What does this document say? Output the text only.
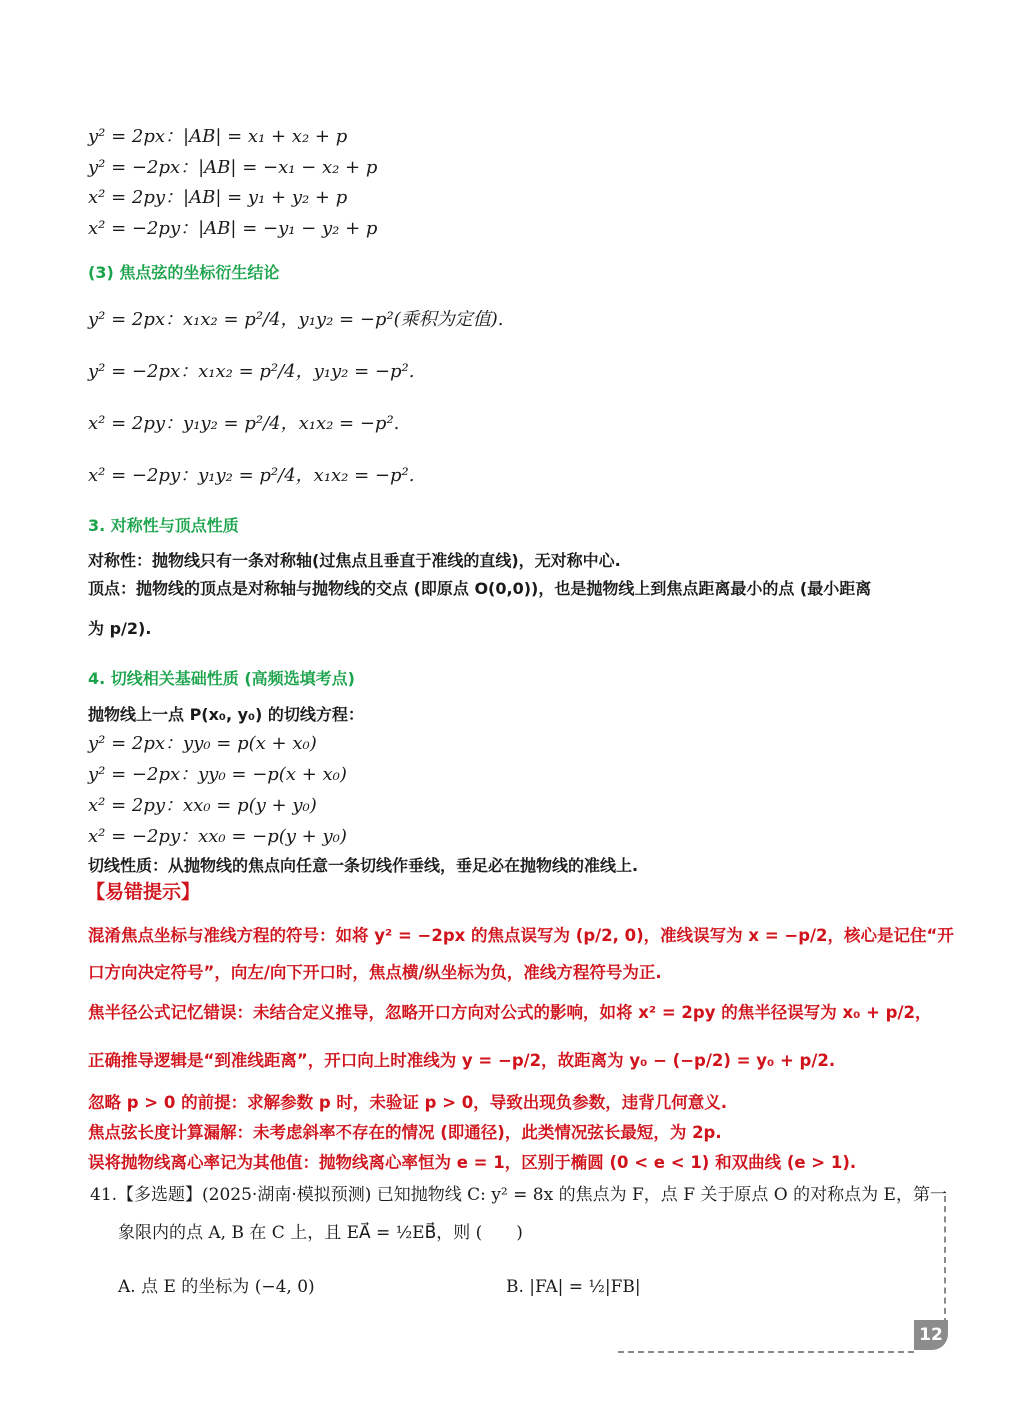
y² = 2px：|AB| = x₁ + x₂ + p
y² = −2px：|AB| = −x₁ − x₂ + p
x² = 2py：|AB| = y₁ + y₂ + p
x² = −2py：|AB| = −y₁ − y₂ + p
(3) 焦点弦的坐标衍生结论
y² = 2px：x₁x₂ = p²/4，y₁y₂ = −p²(乘积为定值).
y² = −2px：x₁x₂ = p²/4，y₁y₂ = −p².
x² = 2py：y₁y₂ = p²/4，x₁x₂ = −p².
x² = −2py：y₁y₂ = p²/4，x₁x₂ = −p².
3. 对称性与顶点性质
对称性：抛物线只有一条对称轴(过焦点且垂直于准线的直线)，无对称中心.
顶点：抛物线的顶点是对称轴与抛物线的交点 (即原点 O(0,0))，也是抛物线上到焦点距离最小的点 (最小距离
为 p/2).
4. 切线相关基础性质 (高频选填考点)
抛物线上一点 P(x₀, y₀) 的切线方程：
y² = 2px：yy₀ = p(x + x₀)
y² = −2px：yy₀ = −p(x + x₀)
x² = 2py：xx₀ = p(y + y₀)
x² = −2py：xx₀ = −p(y + y₀)
切线性质：从抛物线的焦点向任意一条切线作垂线，垂足必在抛物线的准线上.
【易错提示】
混淆焦点坐标与准线方程的符号：如将 y² = −2px 的焦点误写为 (p/2, 0)，准线误写为 x = −p/2，核心是记住“开
口方向决定符号”，向左/向下开口时，焦点横/纵坐标为负，准线方程符号为正.
焦半径公式记忆错误：未结合定义推导，忽略开口方向对公式的影响，如将 x² = 2py 的焦半径误写为 x₀ + p/2，
正确推导逻辑是“到准线距离”，开口向上时准线为 y = −p/2，故距离为 y₀ − (−p/2) = y₀ + p/2.
忽略 p > 0 的前提：求解参数 p 时，未验证 p > 0，导致出现负参数，违背几何意义.
焦点弦长度计算漏解：未考虑斜率不存在的情况 (即通径)，此类情况弦长最短，为 2p.
误将抛物线离心率记为其他值：抛物线离心率恒为 e = 1，区别于椭圆 (0 < e < 1) 和双曲线 (e > 1).
41.【多选题】(2025·湖南·模拟预测) 已知抛物线 C: y² = 8x 的焦点为 F，点 F 关于原点 O 的对称点为 E，第一
象限内的点 A, B 在 C 上，且 EA⃗ = ½EB⃗，则 (　　)
A. 点 E 的坐标为 (−4, 0)	B. |FA| = ½|FB|
12
